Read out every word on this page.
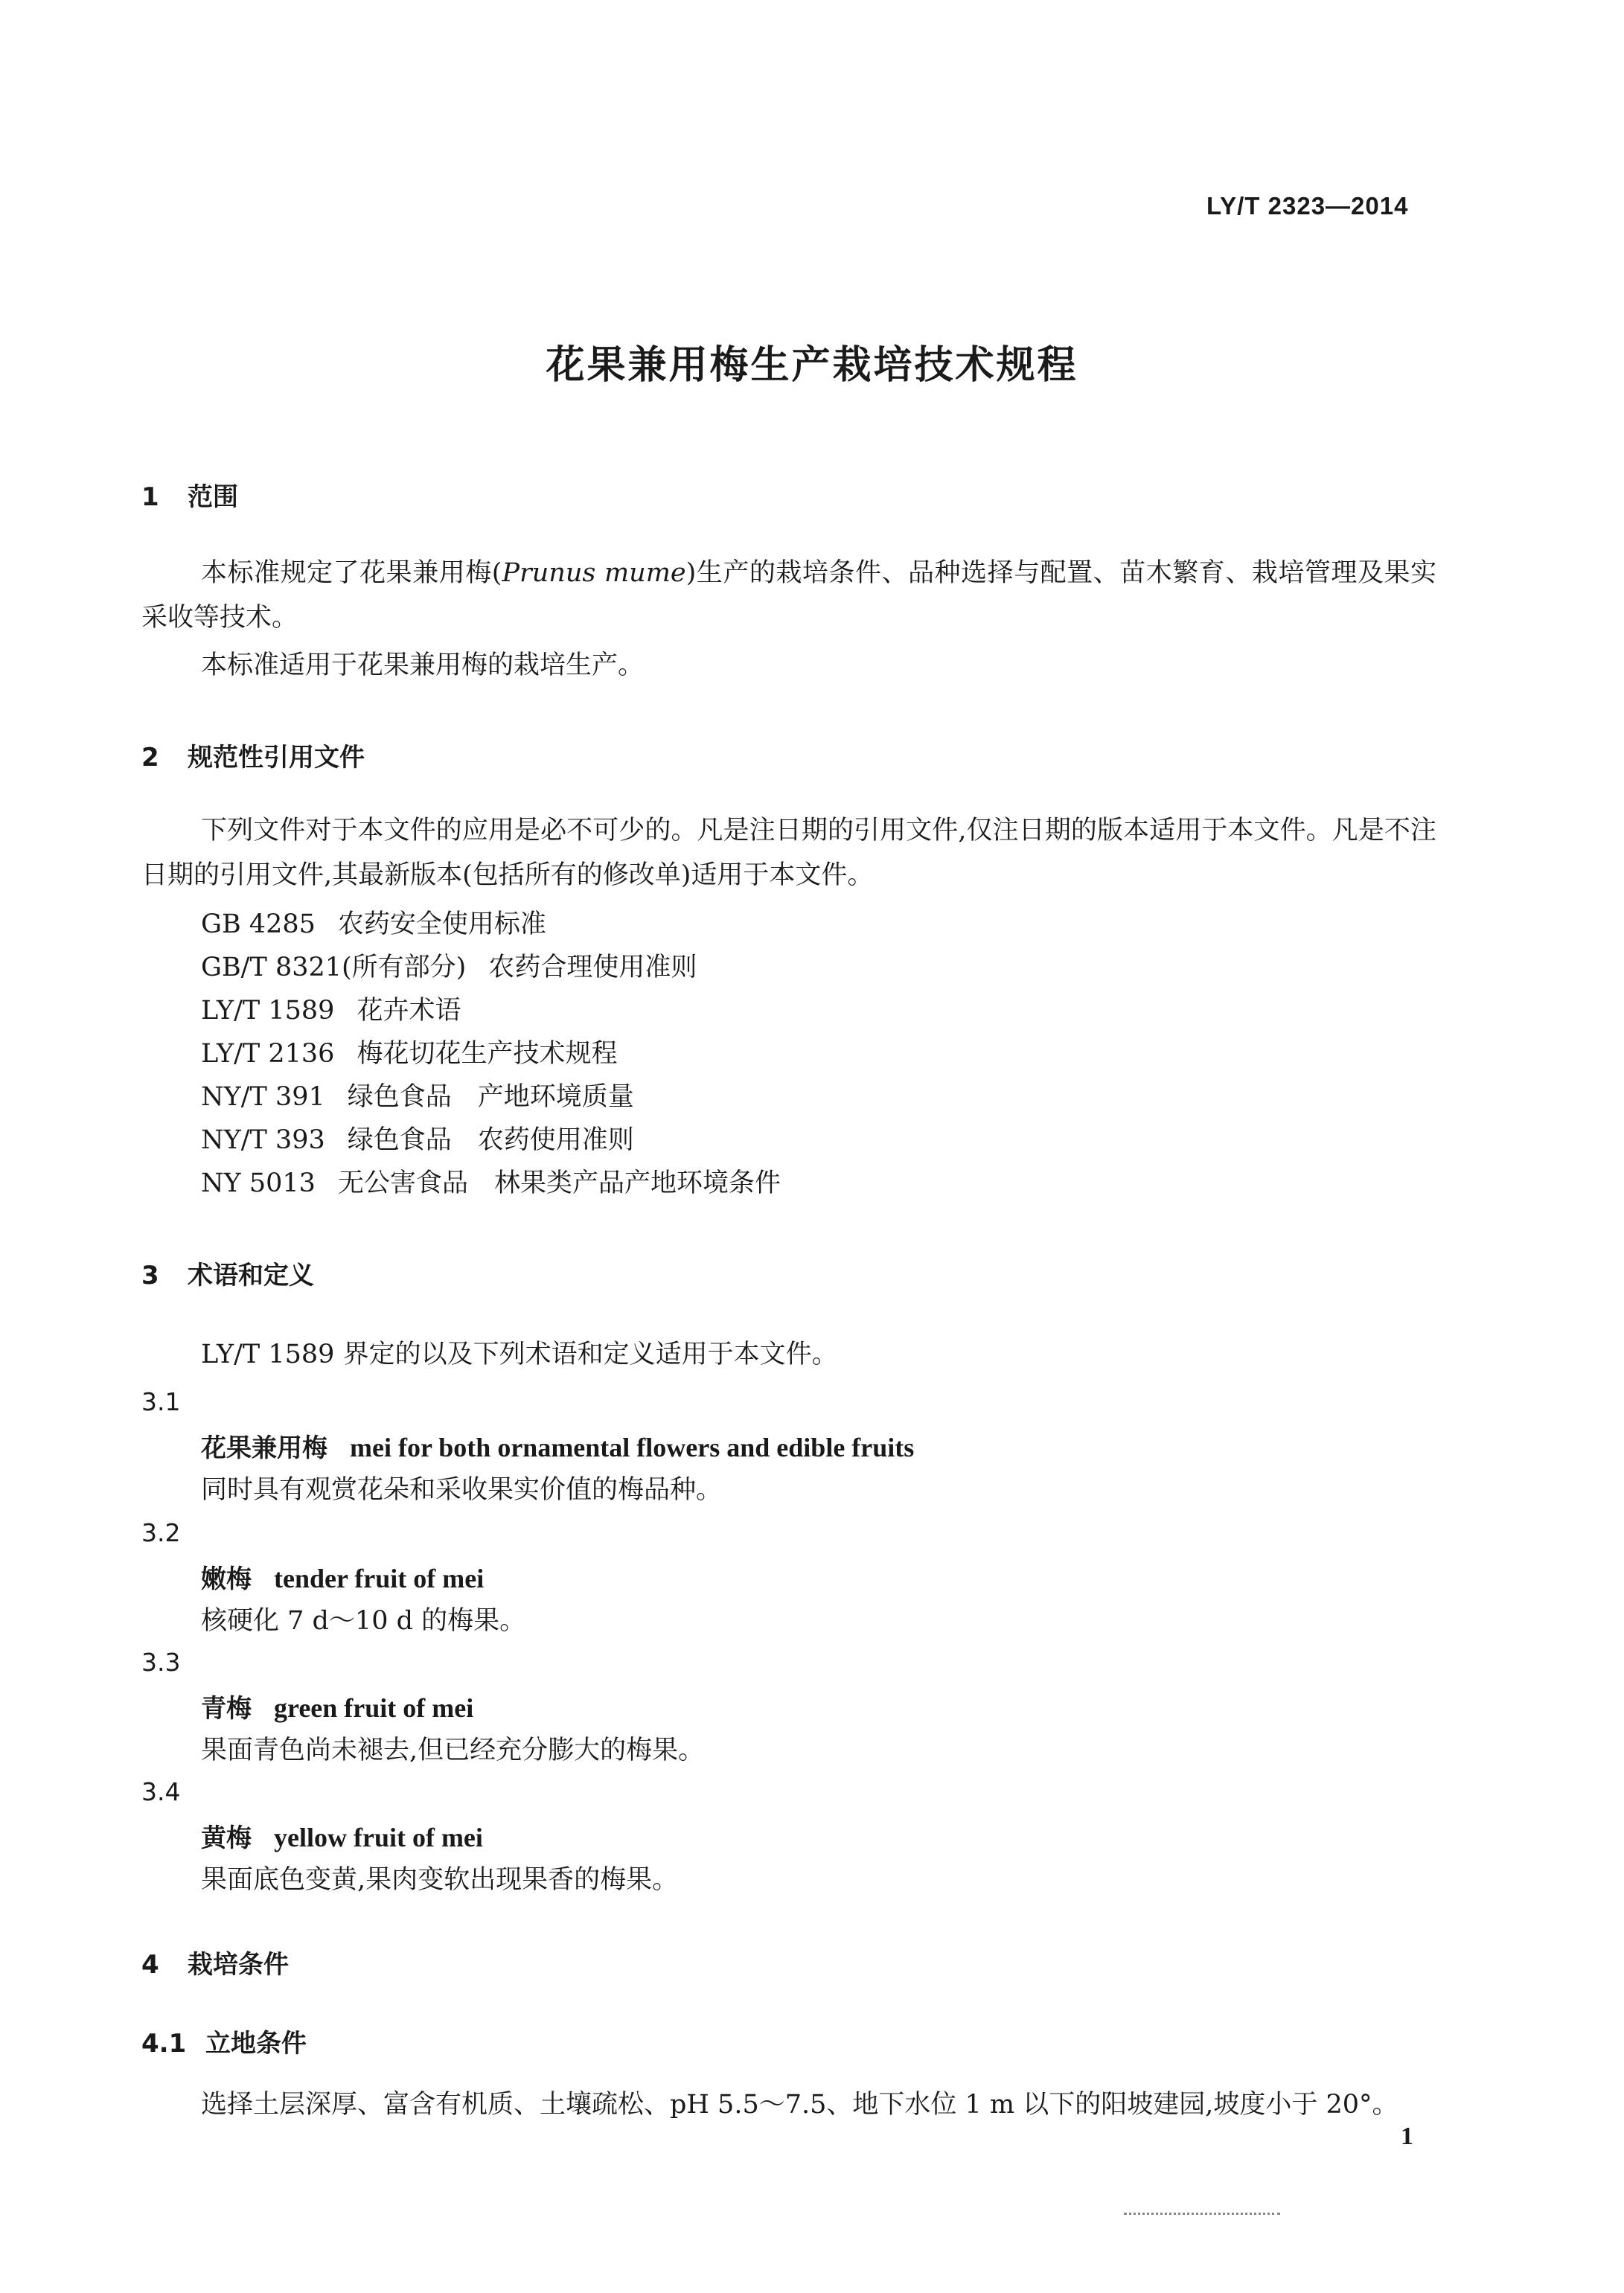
LY/T 2323—2014
花果兼用梅生产栽培技术规程
1 范围
本标准规定了花果兼用梅(Prunus mume)生产的栽培条件、品种选择与配置、苗木繁育、栽培管理及果实采收等技术。
本标准适用于花果兼用梅的栽培生产。
2 规范性引用文件
下列文件对于本文件的应用是必不可少的。凡是注日期的引用文件,仅注日期的版本适用于本文件。凡是不注日期的引用文件,其最新版本(包括所有的修改单)适用于本文件。
GB 4285 农药安全使用标准
GB/T 8321(所有部分) 农药合理使用准则
LY/T 1589 花卉术语
LY/T 2136 梅花切花生产技术规程
NY/T 391 绿色食品　产地环境质量
NY/T 393 绿色食品　农药使用准则
NY 5013 无公害食品　林果类产品产地环境条件
3 术语和定义
LY/T 1589 界定的以及下列术语和定义适用于本文件。
3.1
花果兼用梅 mei for both ornamental flowers and edible fruits
同时具有观赏花朵和采收果实价值的梅品种。
3.2
嫩梅 tender fruit of mei
核硬化 7 d～10 d 的梅果。
3.3
青梅 green fruit of mei
果面青色尚未褪去,但已经充分膨大的梅果。
3.4
黄梅 yellow fruit of mei
果面底色变黄,果肉变软出现果香的梅果。
4 栽培条件
4.1 立地条件
选择土层深厚、富含有机质、土壤疏松、pH 5.5～7.5、地下水位 1 m 以下的阳坡建园,坡度小于 20°。
1
